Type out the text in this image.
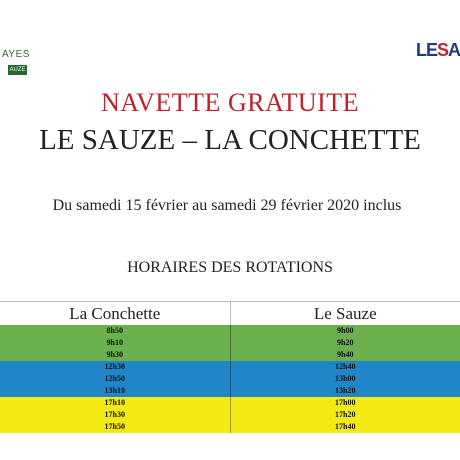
AYES
AUZE
LESA
NAVETTE GRATUITE
LE SAUZE – LA CONCHETTE
Du samedi 15 février au samedi 29 février 2020 inclus
HORAIRES DES ROTATIONS
La Conchette	Le Sauze
8h50	9h00
9h10	9h20
9h30	9h40
12h30	12h40
12h50	13h00
13h10	13h20
17h10	17h00
17h30	17h20
17h50	17h40
